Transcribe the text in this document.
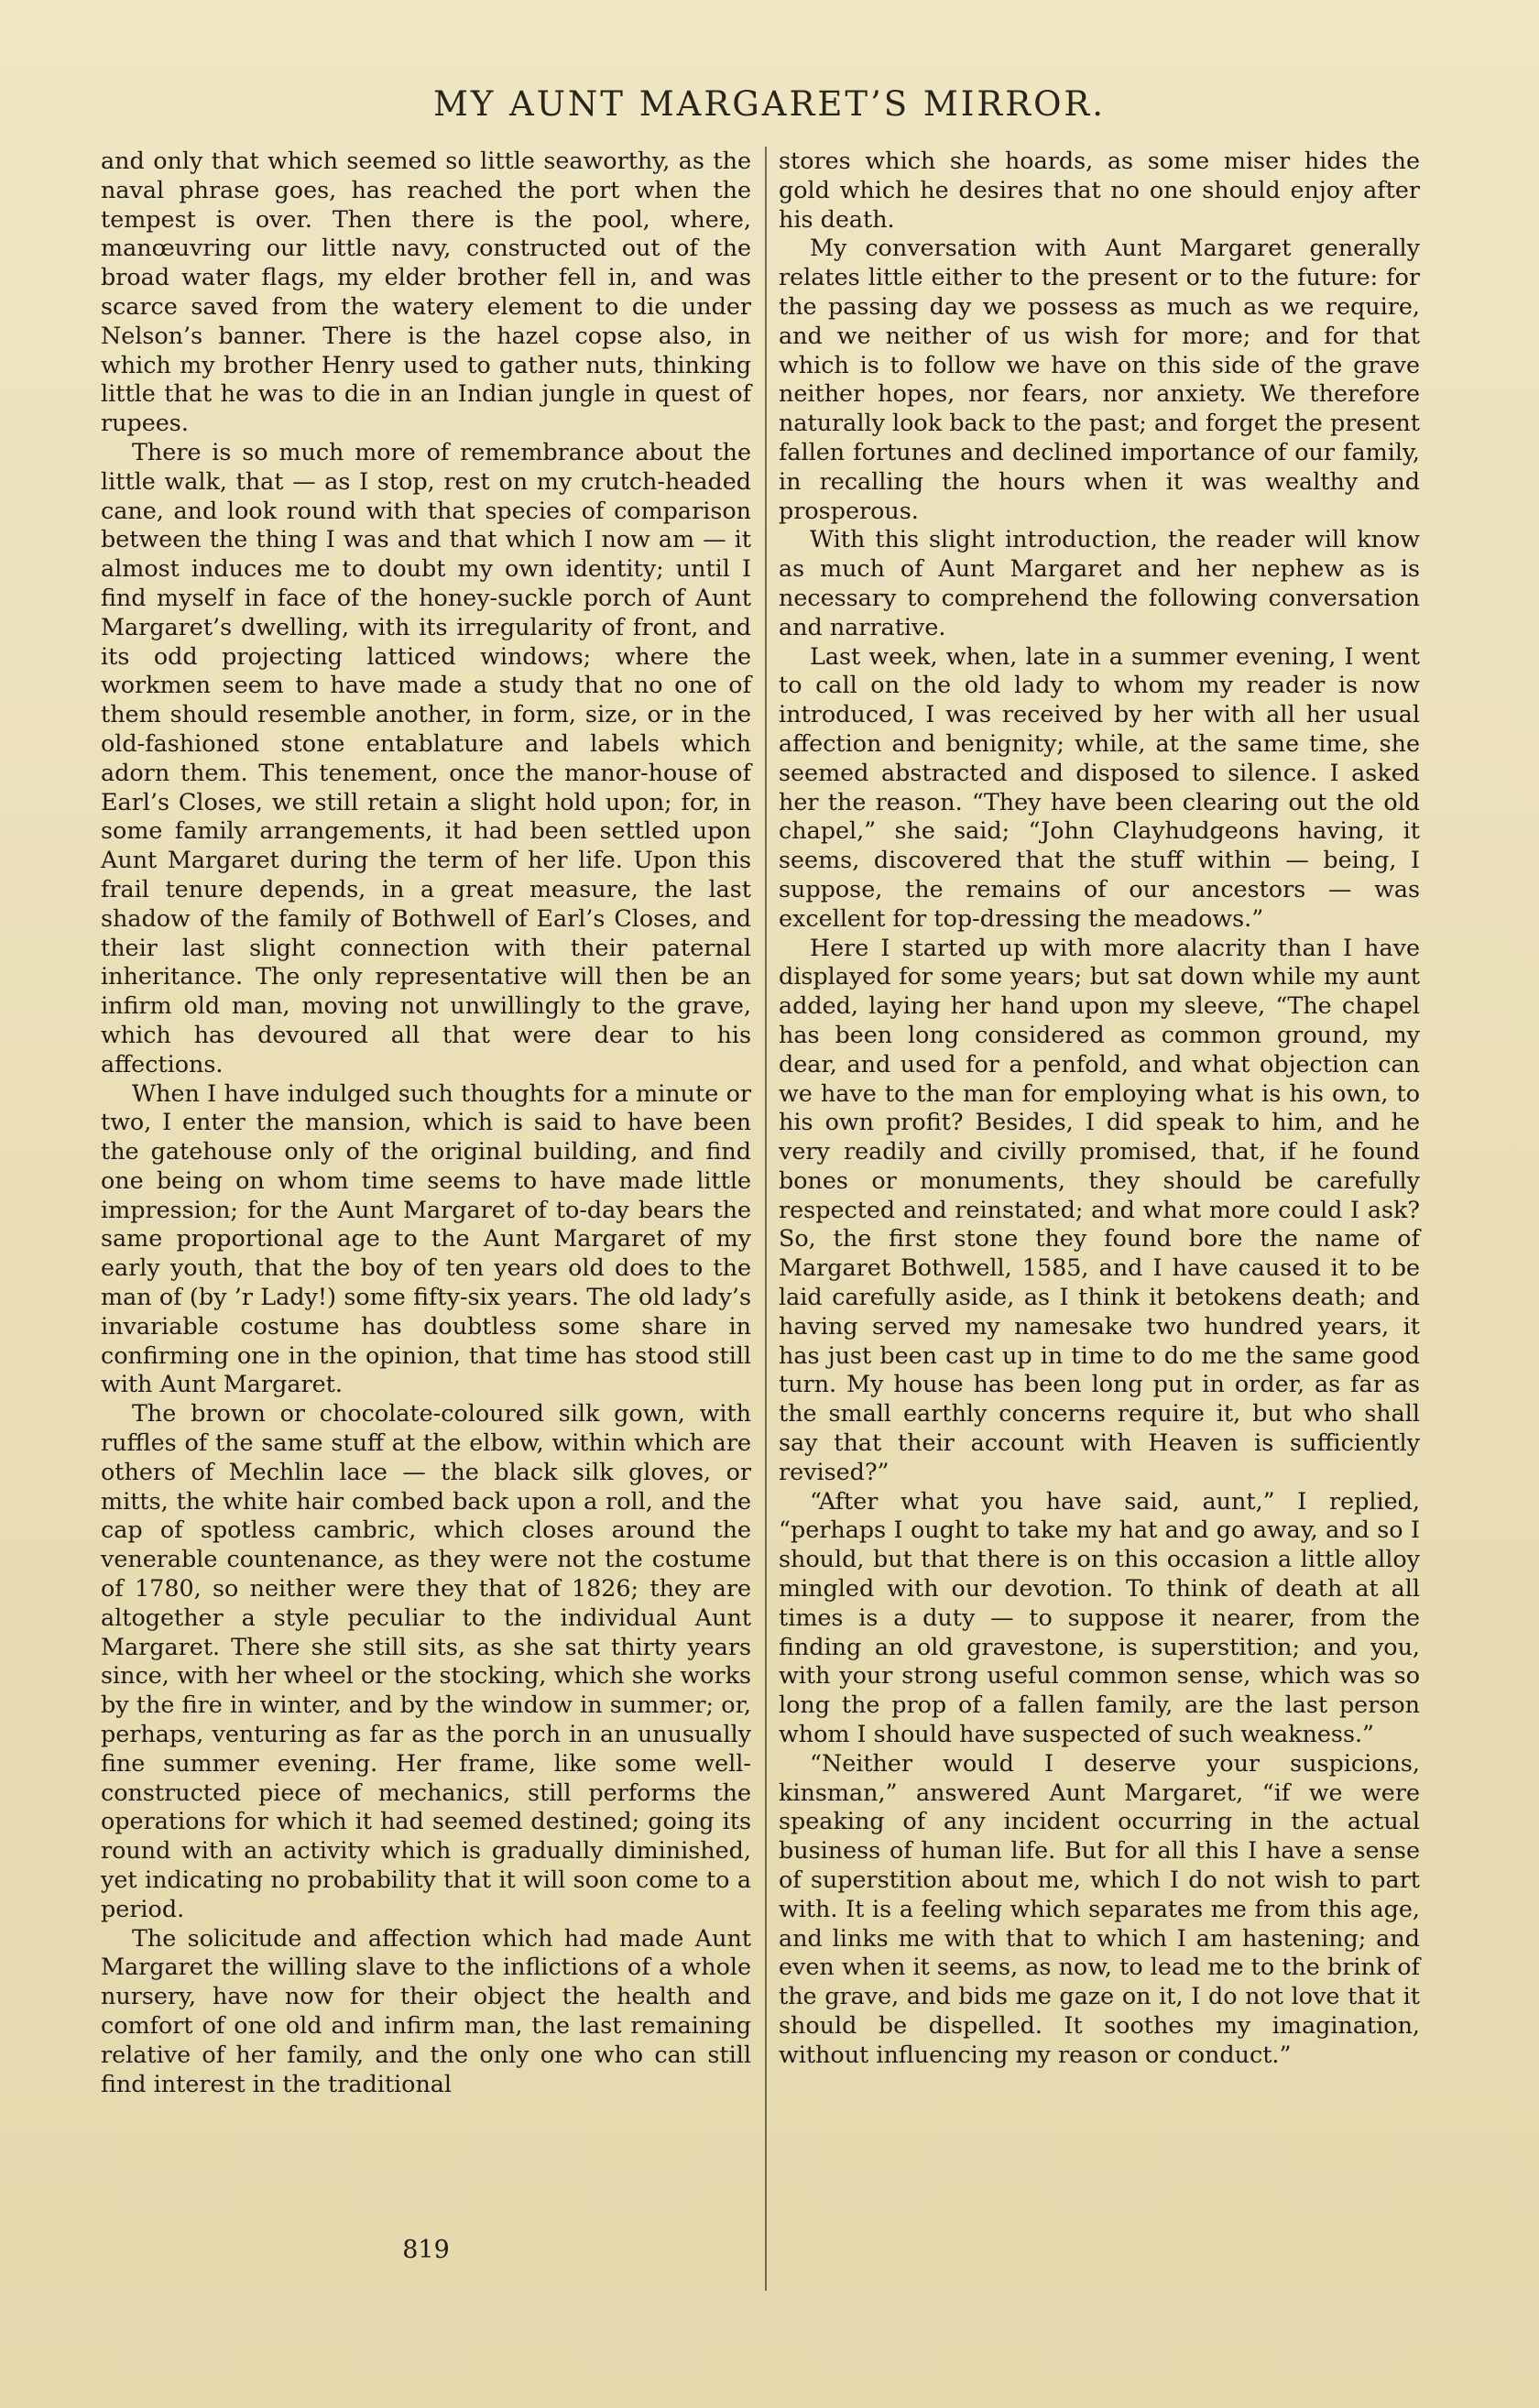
MY AUNT MARGARET’S MIRROR.

and only that which seemed so little seaworthy, as the naval phrase goes, has reached the port when the tempest is over. Then there is the pool, where, manœuvring our little navy, constructed out of the broad water flags, my elder brother fell in, and was scarce saved from the watery element to die under Nelson’s banner. There is the hazel copse also, in which my brother Henry used to gather nuts, thinking little that he was to die in an Indian jungle in quest of rupees.

There is so much more of remembrance about the little walk, that — as I stop, rest on my crutch-headed cane, and look round with that species of comparison between the thing I was and that which I now am — it almost induces me to doubt my own identity; until I find myself in face of the honey-suckle porch of Aunt Margaret’s dwelling, with its irregularity of front, and its odd projecting latticed windows; where the workmen seem to have made a study that no one of them should resemble another, in form, size, or in the old-fashioned stone entablature and labels which adorn them. This tenement, once the manor-house of Earl’s Closes, we still retain a slight hold upon; for, in some family arrangements, it had been settled upon Aunt Margaret during the term of her life. Upon this frail tenure depends, in a great measure, the last shadow of the family of Bothwell of Earl’s Closes, and their last slight connection with their paternal inheritance. The only representative will then be an infirm old man, moving not unwillingly to the grave, which has devoured all that were dear to his affections.

When I have indulged such thoughts for a minute or two, I enter the mansion, which is said to have been the gatehouse only of the original building, and find one being on whom time seems to have made little impression; for the Aunt Margaret of to-day bears the same proportional age to the Aunt Margaret of my early youth, that the boy of ten years old does to the man of (by ’r Lady!) some fifty-six years. The old lady’s invariable costume has doubtless some share in confirming one in the opinion, that time has stood still with Aunt Margaret.

The brown or chocolate-coloured silk gown, with ruffles of the same stuff at the elbow, within which are others of Mechlin lace — the black silk gloves, or mitts, the white hair combed back upon a roll, and the cap of spotless cambric, which closes around the venerable countenance, as they were not the costume of 1780, so neither were they that of 1826; they are altogether a style peculiar to the individual Aunt Margaret. There she still sits, as she sat thirty years since, with her wheel or the stocking, which she works by the fire in winter, and by the window in summer; or, perhaps, venturing as far as the porch in an unusually fine summer evening. Her frame, like some well-constructed piece of mechanics, still performs the operations for which it had seemed destined; going its round with an activity which is gradually diminished, yet indicating no probability that it will soon come to a period.

The solicitude and affection which had made Aunt Margaret the willing slave to the inflictions of a whole nursery, have now for their object the health and comfort of one old and infirm man, the last remaining relative of her family, and the only one who can still find interest in the traditional

stores which she hoards, as some miser hides the gold which he desires that no one should enjoy after his death.

My conversation with Aunt Margaret generally relates little either to the present or to the future: for the passing day we possess as much as we require, and we neither of us wish for more; and for that which is to follow we have on this side of the grave neither hopes, nor fears, nor anxiety. We therefore naturally look back to the past; and forget the present fallen fortunes and declined importance of our family, in recalling the hours when it was wealthy and prosperous.

With this slight introduction, the reader will know as much of Aunt Margaret and her nephew as is necessary to comprehend the following conversation and narrative.

Last week, when, late in a summer evening, I went to call on the old lady to whom my reader is now introduced, I was received by her with all her usual affection and benignity; while, at the same time, she seemed abstracted and disposed to silence. I asked her the reason. “They have been clearing out the old chapel,” she said; “John Clayhudgeons having, it seems, discovered that the stuff within — being, I suppose, the remains of our ancestors — was excellent for top-dressing the meadows.”

Here I started up with more alacrity than I have displayed for some years; but sat down while my aunt added, laying her hand upon my sleeve, “The chapel has been long considered as common ground, my dear, and used for a penfold, and what objection can we have to the man for employing what is his own, to his own profit? Besides, I did speak to him, and he very readily and civilly promised, that, if he found bones or monuments, they should be carefully respected and reinstated; and what more could I ask? So, the first stone they found bore the name of Margaret Bothwell, 1585, and I have caused it to be laid carefully aside, as I think it betokens death; and having served my namesake two hundred years, it has just been cast up in time to do me the same good turn. My house has been long put in order, as far as the small earthly concerns require it, but who shall say that their account with Heaven is sufficiently revised?”

“After what you have said, aunt,” I replied, “perhaps I ought to take my hat and go away, and so I should, but that there is on this occasion a little alloy mingled with our devotion. To think of death at all times is a duty — to suppose it nearer, from the finding an old gravestone, is superstition; and you, with your strong useful common sense, which was so long the prop of a fallen family, are the last person whom I should have suspected of such weakness.”

“Neither would I deserve your suspicions, kinsman,” answered Aunt Margaret, “if we were speaking of any incident occurring in the actual business of human life. But for all this I have a sense of superstition about me, which I do not wish to part with. It is a feeling which separates me from this age, and links me with that to which I am hastening; and even when it seems, as now, to lead me to the brink of the grave, and bids me gaze on it, I do not love that it should be dispelled. It soothes my imagination, without influencing my reason or conduct.”

819
